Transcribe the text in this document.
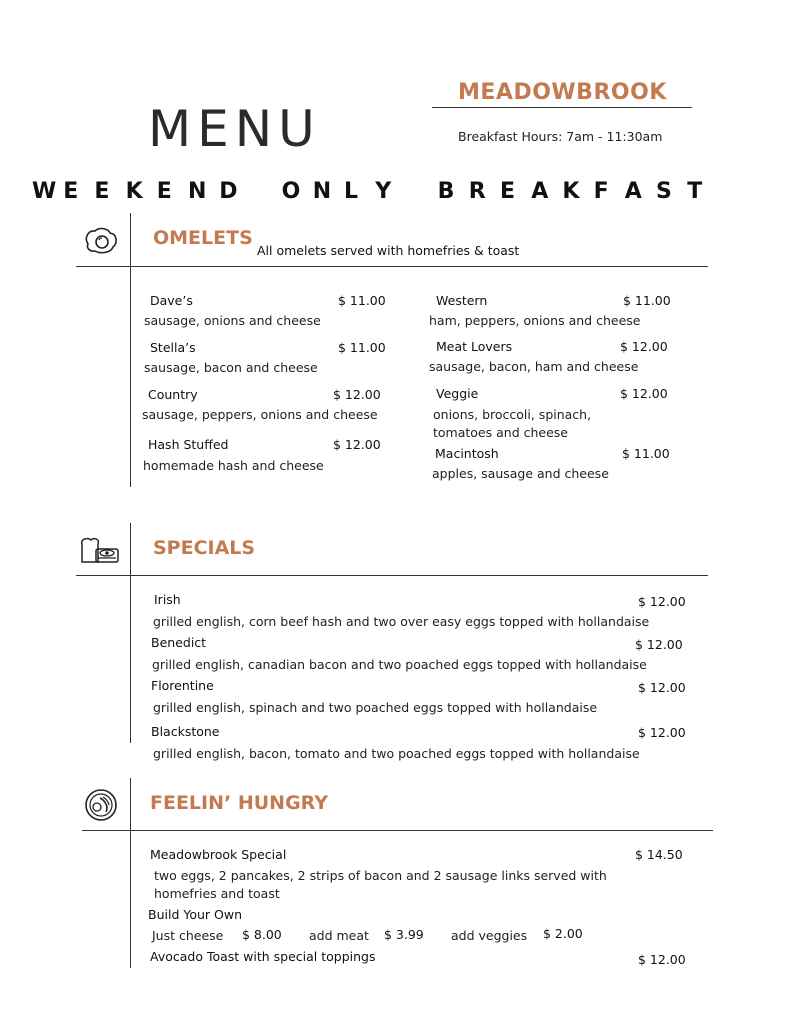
MENU
MEADOWBROOK
Breakfast Hours: 7am - 11:30am
W E E K E N D
O N L Y
B R E A K F A S T
OMELETS
All omelets served with homefries & toast
Dave’s	$ 11.00
sausage, onions and cheese
Stella’s	$ 11.00
sausage, bacon and cheese
Country	$ 12.00
sausage, peppers, onions and cheese
Hash Stuffed	$ 12.00
homemade hash and cheese
Western	$ 11.00
ham, peppers, onions and cheese
Meat Lovers	$ 12.00
sausage, bacon, ham and cheese
Veggie	$ 12.00
onions, broccoli, spinach,
tomatoes and cheese
Macintosh	$ 11.00
apples, sausage and cheese
SPECIALS
Irish	$ 12.00
grilled english, corn beef hash and two over easy eggs topped with hollandaise
Benedict	$ 12.00
grilled english, canadian bacon and two poached eggs topped with hollandaise
Florentine	$ 12.00
grilled english, spinach and two poached eggs topped with hollandaise
Blackstone	$ 12.00
grilled english, bacon, tomato and two poached eggs topped with hollandaise
FEELIN’ HUNGRY
Meadowbrook Special	$ 14.50
two eggs, 2 pancakes, 2 strips of bacon and 2 sausage links served with
homefries and toast
Build Your Own
Just cheese $ 8.00 add meat $ 3.99 add veggies $ 2.00
Avocado Toast with special toppings	$ 12.00
